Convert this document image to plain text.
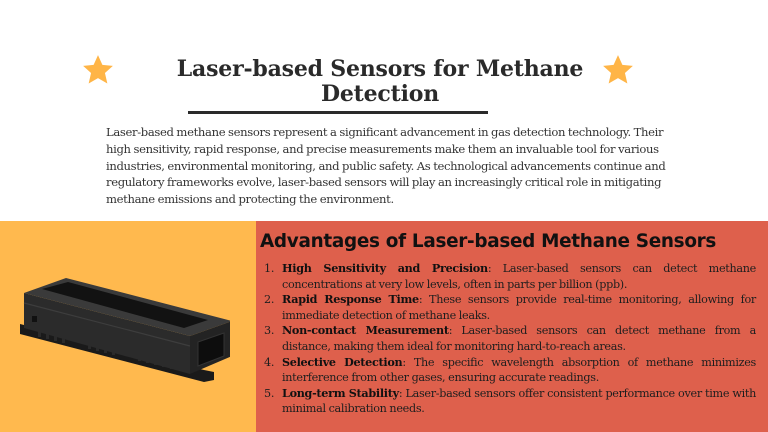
Laser-based Sensors for Methane Detection

Laser-based methane sensors represent a significant advancement in gas detection technology. Their high sensitivity, rapid response, and precise measurements make them an invaluable tool for various industries, environmental monitoring, and public safety. As technological advancements continue and regulatory frameworks evolve, laser-based sensors will play an increasingly critical role in mitigating methane emissions and protecting the environment.

Advantages of Laser-based Methane Sensors
1. High Sensitivity and Precision: Laser-based sensors can detect methane concentrations at very low levels, often in parts per billion (ppb).
2. Rapid Response Time: These sensors provide real-time monitoring, allowing for immediate detection of methane leaks.
3. Non-contact Measurement: Laser-based sensors can detect methane from a distance, making them ideal for monitoring hard-to-reach areas.
4. Selective Detection: The specific wavelength absorption of methane minimizes interference from other gases, ensuring accurate readings.
5. Long-term Stability: Laser-based sensors offer consistent performance over time with minimal calibration needs.
